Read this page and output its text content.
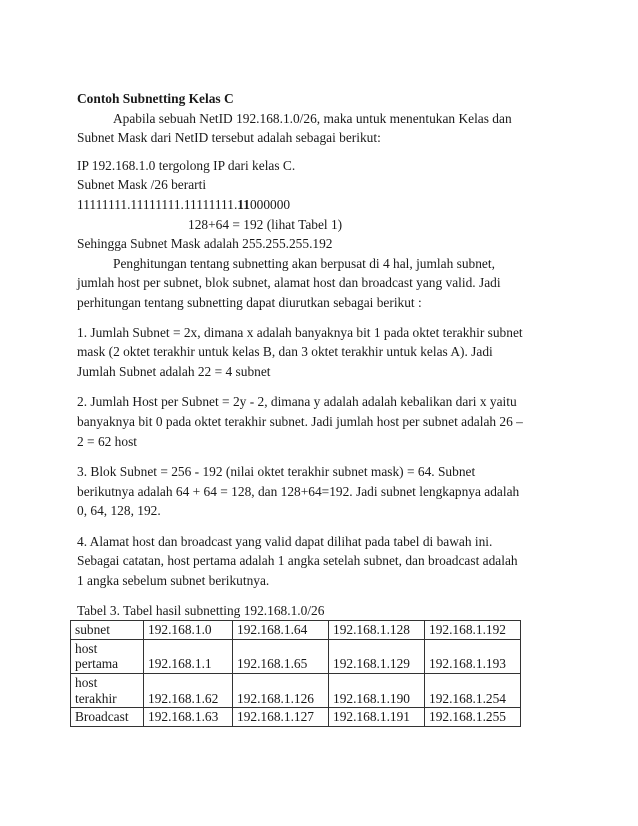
Contoh Subnetting Kelas C
Apabila sebuah NetID 192.168.1.0/26, maka untuk menentukan Kelas dan
Subnet Mask dari NetID tersebut adalah sebagai berikut:
IP 192.168.1.0 tergolong IP dari kelas C.
Subnet Mask /26 berarti
11111111.11111111.11111111.11000000
128+64 = 192 (lihat Tabel 1)
Sehingga Subnet Mask adalah 255.255.255.192
Penghitungan tentang subnetting akan berpusat di 4 hal, jumlah subnet,
jumlah host per subnet, blok subnet, alamat host dan broadcast yang valid. Jadi
perhitungan tentang subnetting dapat diurutkan sebagai berikut :
1. Jumlah Subnet = 2x, dimana x adalah banyaknya bit 1 pada oktet terakhir subnet
mask (2 oktet terakhir untuk kelas B, dan 3 oktet terakhir untuk kelas A). Jadi
Jumlah Subnet adalah 22 = 4 subnet
2. Jumlah Host per Subnet = 2y - 2, dimana y adalah adalah kebalikan dari x yaitu
banyaknya bit 0 pada oktet terakhir subnet. Jadi jumlah host per subnet adalah 26 –
2 = 62 host
3. Blok Subnet = 256 - 192 (nilai oktet terakhir subnet mask) = 64. Subnet
berikutnya adalah 64 + 64 = 128, dan 128+64=192. Jadi subnet lengkapnya adalah
0, 64, 128, 192.
4. Alamat host dan broadcast yang valid dapat dilihat pada tabel di bawah ini.
Sebagai catatan, host pertama adalah 1 angka setelah subnet, dan broadcast adalah
1 angka sebelum subnet berikutnya.
Tabel 3. Tabel hasil subnetting 192.168.1.0/26
subnet	192.168.1.0	192.168.1.64	192.168.1.128	192.168.1.192
host pertama	192.168.1.1	192.168.1.65	192.168.1.129	192.168.1.193
host terakhir	192.168.1.62	192.168.1.126	192.168.1.190	192.168.1.254
Broadcast	192.168.1.63	192.168.1.127	192.168.1.191	192.168.1.255
